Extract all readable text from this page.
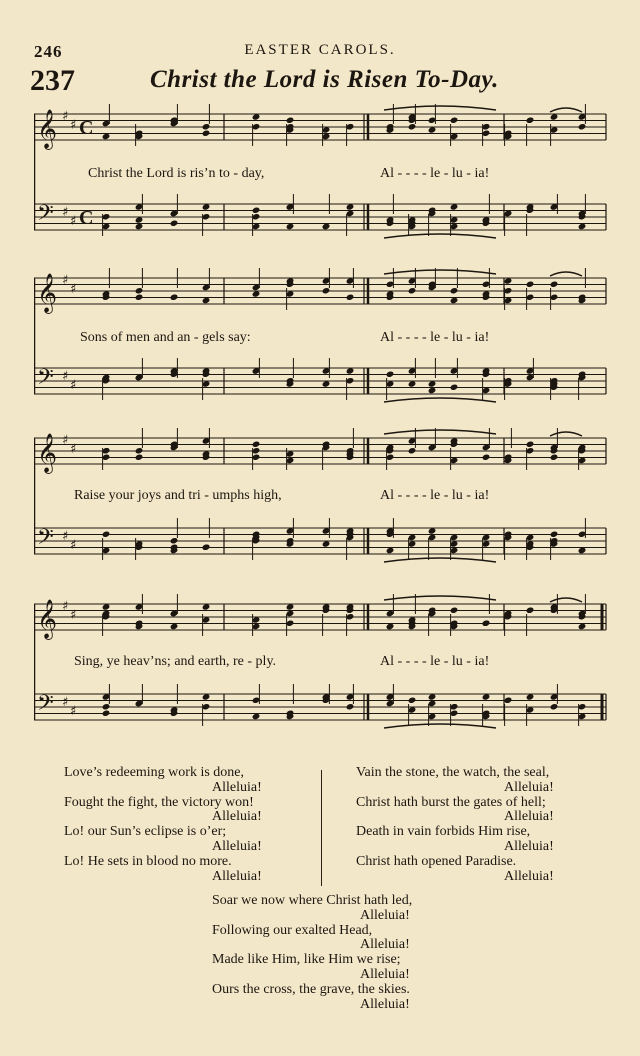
246	EASTER CAROLS.
237	Christ the Lord is Risen To-Day.
𝄞
𝄢
♯
♯
♯
♯
C
C
Christ the Lord is ris’n to - day,	Al - - - - le - lu - ia!
𝄞
𝄢
♯
♯
♯
♯
Sons of men and an - gels say:	Al - - - - le - lu - ia!
𝄞
𝄢
♯
♯
♯
♯
Raise your joys and tri - umphs high,	Al - - - - le - lu - ia!
𝄞
𝄢
♯
♯
♯
♯
Sing, ye heav’ns; and earth, re - ply.	Al - - - - le - lu - ia!
Love’s redeeming work is done,
Alleluia!
Fought the fight, the victory won!
Alleluia!
Lo! our Sun’s eclipse is o’er;
Alleluia!
Lo! He sets in blood no more.
Alleluia!
Vain the stone, the watch, the seal,
Alleluia!
Christ hath burst the gates of hell;
Alleluia!
Death in vain forbids Him rise,
Alleluia!
Christ hath opened Paradise.
Alleluia!
Soar we now where Christ hath led,
Alleluia!
Following our exalted Head,
Alleluia!
Made like Him, like Him we rise;
Alleluia!
Ours the cross, the grave, the skies.
Alleluia!
